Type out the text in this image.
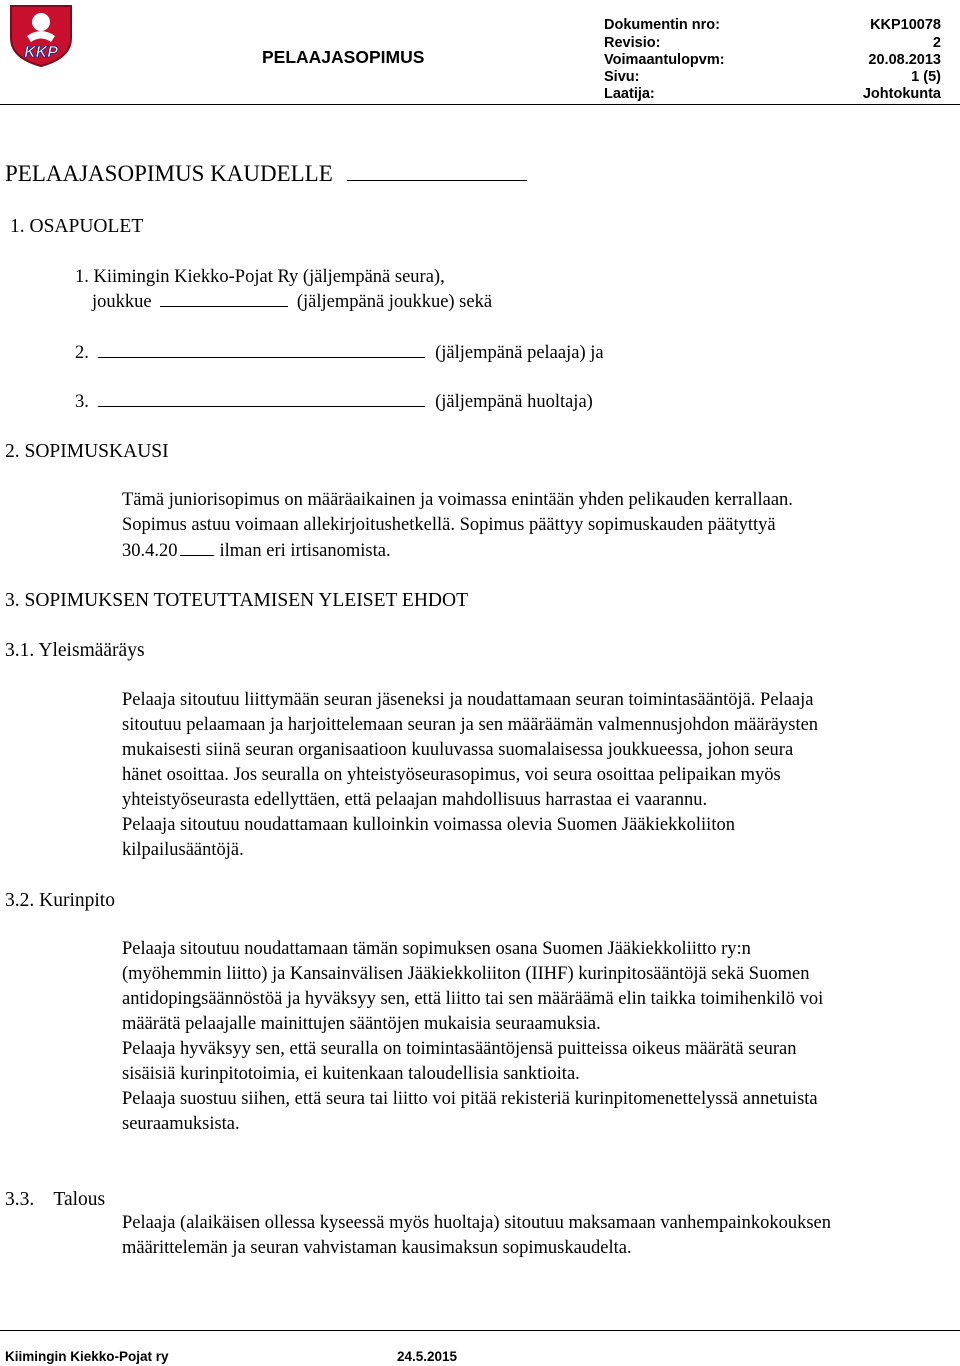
KKP	PELAAJASOPIMUS
Dokumentin nro:	KKP10078
Revisio:	2
Voimaantulopvm:	20.08.2013
Sivu:	1 (5)
Laatija:	Johtokunta
PELAAJASOPIMUS KAUDELLE
1. OSAPUOLET
1. Kiimingin Kiekko-Pojat Ry (jäljempänä seura),
joukkue	(jäljempänä joukkue) sekä
2.	(jäljempänä pelaaja) ja
3.	(jäljempänä huoltaja)
2. SOPIMUSKAUSI
Tämä juniorisopimus on määräaikainen ja voimassa enintään yhden pelikauden kerrallaan.
Sopimus astuu voimaan allekirjoitushetkellä. Sopimus päättyy sopimuskauden päätyttyä
30.4.20 ilman eri irtisanomista.
3. SOPIMUKSEN TOTEUTTAMISEN YLEISET EHDOT
3.1. Yleismääräys
Pelaaja sitoutuu liittymään seuran jäseneksi ja noudattamaan seuran toimintasääntöjä. Pelaaja
sitoutuu pelaamaan ja harjoittelemaan seuran ja sen määräämän valmennusjohdon määräysten
mukaisesti siinä seuran organisaatioon kuuluvassa suomalaisessa joukkueessa, johon seura
hänet osoittaa. Jos seuralla on yhteistyöseurasopimus, voi seura osoittaa pelipaikan myös
yhteistyöseurasta edellyttäen, että pelaajan mahdollisuus harrastaa ei vaarannu.
Pelaaja sitoutuu noudattamaan kulloinkin voimassa olevia Suomen Jääkiekkoliiton
kilpailusääntöjä.
3.2. Kurinpito
Pelaaja sitoutuu noudattamaan tämän sopimuksen osana Suomen Jääkiekkoliitto ry:n
(myöhemmin liitto) ja Kansainvälisen Jääkiekkoliiton (IIHF) kurinpitosääntöjä sekä Suomen
antidopingsäännöstöä ja hyväksyy sen, että liitto tai sen määräämä elin taikka toimihenkilö voi
määrätä pelaajalle mainittujen sääntöjen mukaisia seuraamuksia.
Pelaaja hyväksyy sen, että seuralla on toimintasääntöjensä puitteissa oikeus määrätä seuran
sisäisiä kurinpitotoimia, ei kuitenkaan taloudellisia sanktioita.
Pelaaja suostuu siihen, että seura tai liitto voi pitää rekisteriä kurinpitomenettelyssä annetuista
seuraamuksista.
3.3.    Talous
Pelaaja (alaikäisen ollessa kyseessä myös huoltaja) sitoutuu maksamaan vanhempainkokouksen
määrittelemän ja seuran vahvistaman kausimaksun sopimuskaudelta.
Kiimingin Kiekko-Pojat ry	24.5.2015
